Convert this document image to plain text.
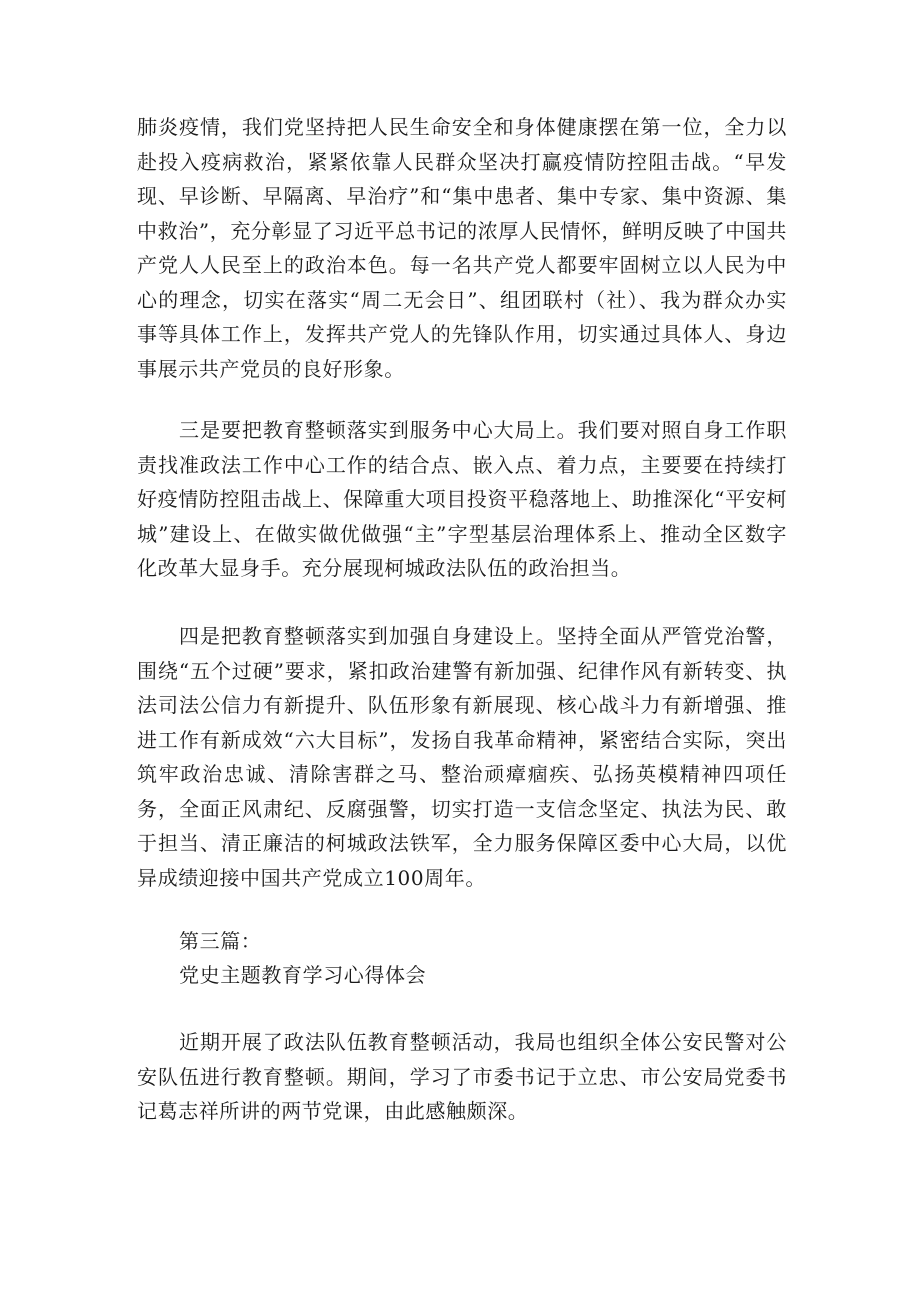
肺炎疫情，我们党坚持把人民生命安全和身体健康摆在第一位，全力以赴投入疫病救治，紧紧依靠人民群众坚决打赢疫情防控阻击战。“早发现、早诊断、早隔离、早治疗”和“集中患者、集中专家、集中资源、集中救治”，充分彰显了习近平总书记的浓厚人民情怀，鲜明反映了中国共产党人人民至上的政治本色。每一名共产党人都要牢固树立以人民为中心的理念，切实在落实“周二无会日”、组团联村（社）、我为群众办实事等具体工作上，发挥共产党人的先锋队作用，切实通过具体人、身边事展示共产党员的良好形象。

三是要把教育整顿落实到服务中心大局上。我们要对照自身工作职责找准政法工作中心工作的结合点、嵌入点、着力点，主要要在持续打好疫情防控阻击战上、保障重大项目投资平稳落地上、助推深化“平安柯城”建设上、在做实做优做强“主”字型基层治理体系上、推动全区数字化改革大显身手。充分展现柯城政法队伍的政治担当。

四是把教育整顿落实到加强自身建设上。坚持全面从严管党治警，围绕“五个过硬”要求，紧扣政治建警有新加强、纪律作风有新转变、执法司法公信力有新提升、队伍形象有新展现、核心战斗力有新增强、推进工作有新成效“六大目标”，发扬自我革命精神，紧密结合实际，突出筑牢政治忠诚、清除害群之马、整治顽瘴痼疾、弘扬英模精神四项任务，全面正风肃纪、反腐强警，切实打造一支信念坚定、执法为民、敢于担当、清正廉洁的柯城政法铁军，全力服务保障区委中心大局，以优异成绩迎接中国共产党成立100周年。

第三篇：

党史主题教育学习心得体会

近期开展了政法队伍教育整顿活动，我局也组织全体公安民警对公安队伍进行教育整顿。期间，学习了市委书记于立忠、市公安局党委书记葛志祥所讲的两节党课，由此感触颇深。
